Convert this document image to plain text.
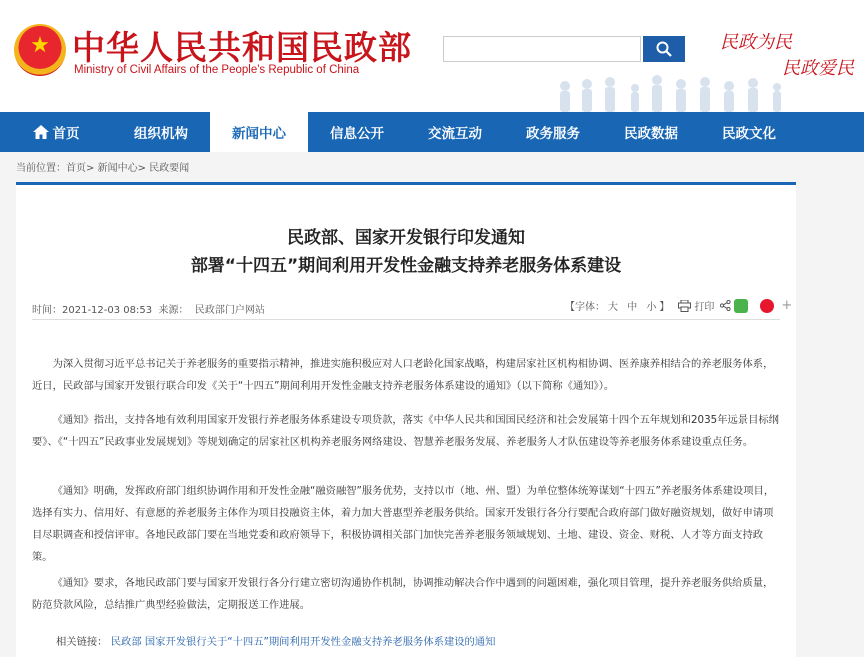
★
中华人民共和国民政部
Ministry of Civil Affairs of the People's Republic of China
民政为民
民政爱民
首页	组织机构	新闻中心	信息公开	交流互动	政务服务	民政数据	民政文化
当前位置：首页> 新闻中心> 民政要闻
民政部、国家开发银行印发通知
部署“十四五”期间利用开发性金融支持养老服务体系建设
时间：2021-12-03 08:53 来源： 民政部门户网站	【字体： 大
中
小 】	打印	+

为深入贯彻习近平总书记关于养老服务的重要指示精神，推进实施积极应对人口老龄化国家战略，构建居家社区机构相协调、医养康养相结合的养老服务体系，近日，民政部与国家开发银行联合印发《关于“十四五”期间利用开发性金融支持养老服务体系建设的通知》（以下简称《通知》）。

《通知》指出，支持各地有效利用国家开发银行养老服务体系建设专项贷款，落实《中华人民共和国国民经济和社会发展第十四个五年规划和2035年远景目标纲要》、《“十四五”民政事业发展规划》等规划确定的居家社区机构养老服务网络建设、智慧养老服务发展、养老服务人才队伍建设等养老服务体系建设重点任务。

《通知》明确，发挥政府部门组织协调作用和开发性金融“融资融智”服务优势，支持以市（地、州、盟）为单位整体统筹谋划“十四五”养老服务体系建设项目，选择有实力、信用好、有意愿的养老服务主体作为项目投融资主体，着力加大普惠型养老服务供给。国家开发银行各分行要配合政府部门做好融资规划，做好申请项目尽职调查和授信评审。各地民政部门要在当地党委和政府领导下，积极协调相关部门加快完善养老服务领域规划、土地、建设、资金、财税、人才等方面支持政策。

《通知》要求，各地民政部门要与国家开发银行各分行建立密切沟通协作机制，协调推动解决合作中遇到的问题困难，强化项目管理，提升养老服务供给质量，防范贷款风险，总结推广典型经验做法，定期报送工作进展。

相关链接： 民政部 国家开发银行关于“十四五”期间利用开发性金融支持养老服务体系建设的通知
